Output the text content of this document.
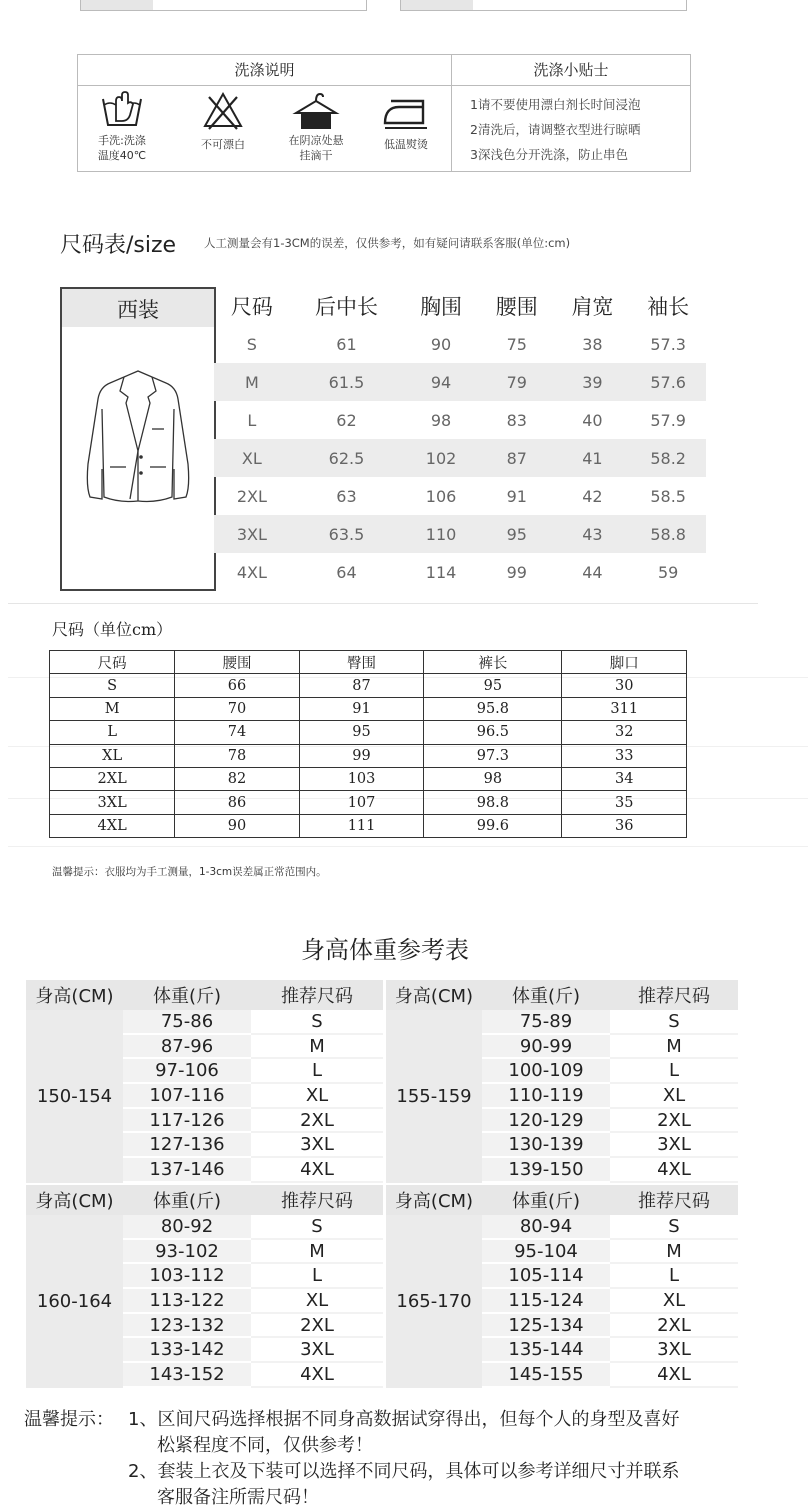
洗涤说明	洗涤小贴士
手洗:洗涤
温度40℃
不可漂白	在阴凉处悬
挂滴干
低温熨烫
1请不要使用漂白剂长时间浸泡
2清洗后，请调整衣型进行晾晒
3深浅色分开洗涤，防止串色
尺码表/size 人工测量会有1-3CM的误差，仅供参考，如有疑问请联系客服(单位:cm)
西装	尺码	后中长	胸围	腰围	肩宽	袖长
S	61	90	75	38	57.3
M	61.5	94	79	39	57.6
L	62	98	83	40	57.9
XL	62.5	102	87	41	58.2
2XL	63	106	91	42	58.5
3XL	63.5	110	95	43	58.8
4XL	64	114	99	44	59
尺码（单位cm）
尺码	腰围	臀围	裤长	脚口
S	66	87	95	30
M	70	91	95.8	311
L	74	95	96.5	32
XL	78	99	97.3	33
2XL	82	103	98	34
3XL	86	107	98.8	35
4XL	90	111	99.6	36
温馨提示：衣服均为手工测量，1-3cm误差属正常范围内。
身高体重参考表
身高(CM)	体重(斤)	推荐尺码
150-154	75-86	S
	87-96	M
	97-106	L
	107-116	XL
	117-126	2XL
	127-136	3XL
	137-146	4XL
身高(CM)	体重(斤)	推荐尺码
155-159	75-89	S
	90-99	M
	100-109	L
	110-119	XL
	120-129	2XL
	130-139	3XL
	139-150	4XL
身高(CM)	体重(斤)	推荐尺码
160-164	80-92	S
	93-102	M
	103-112	L
	113-122	XL
	123-132	2XL
	133-142	3XL
	143-152	4XL
身高(CM)	体重(斤)	推荐尺码
165-170	80-94	S
	95-104	M
	105-114	L
	115-124	XL
	125-134	2XL
	135-144	3XL
	145-155	4XL
温馨提示： 1、区间尺码选择根据不同身高数据试穿得出，但每个人的身型及喜好
松紧程度不同，仅供参考！
2、套装上衣及下装可以选择不同尺码，具体可以参考详细尺寸并联系
客服备注所需尺码！
